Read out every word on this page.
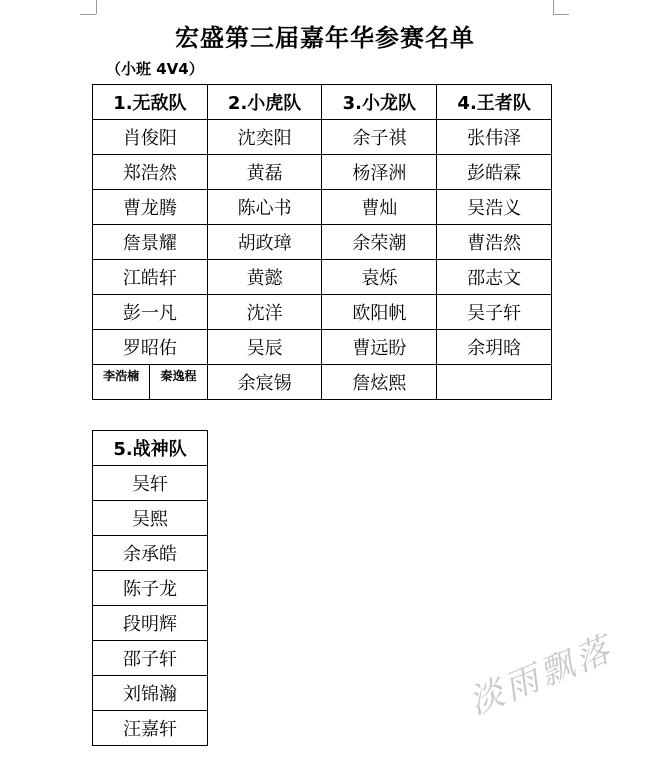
宏盛第三届嘉年华参赛名单
（小班 4V4）
1.无敌队	2.小虎队	3.小龙队	4.王者队
肖俊阳	沈奕阳	余子祺	张伟泽
郑浩然	黄磊	杨泽洲	彭皓霖
曹龙腾	陈心书	曹灿	吴浩义
詹景耀	胡政璋	余荣潮	曹浩然
江皓轩	黄懿	袁烁	邵志文
彭一凡	沈洋	欧阳帆	吴子轩
罗昭佑	吴辰	曹远盼	余玥晗

李浩楠 秦逸程	余宸锡	詹炫熙	
5.战神队
吴轩
吴熙
余承皓
陈子龙
段明辉
邵子轩
刘锦瀚
汪嘉轩
淡雨飘落
